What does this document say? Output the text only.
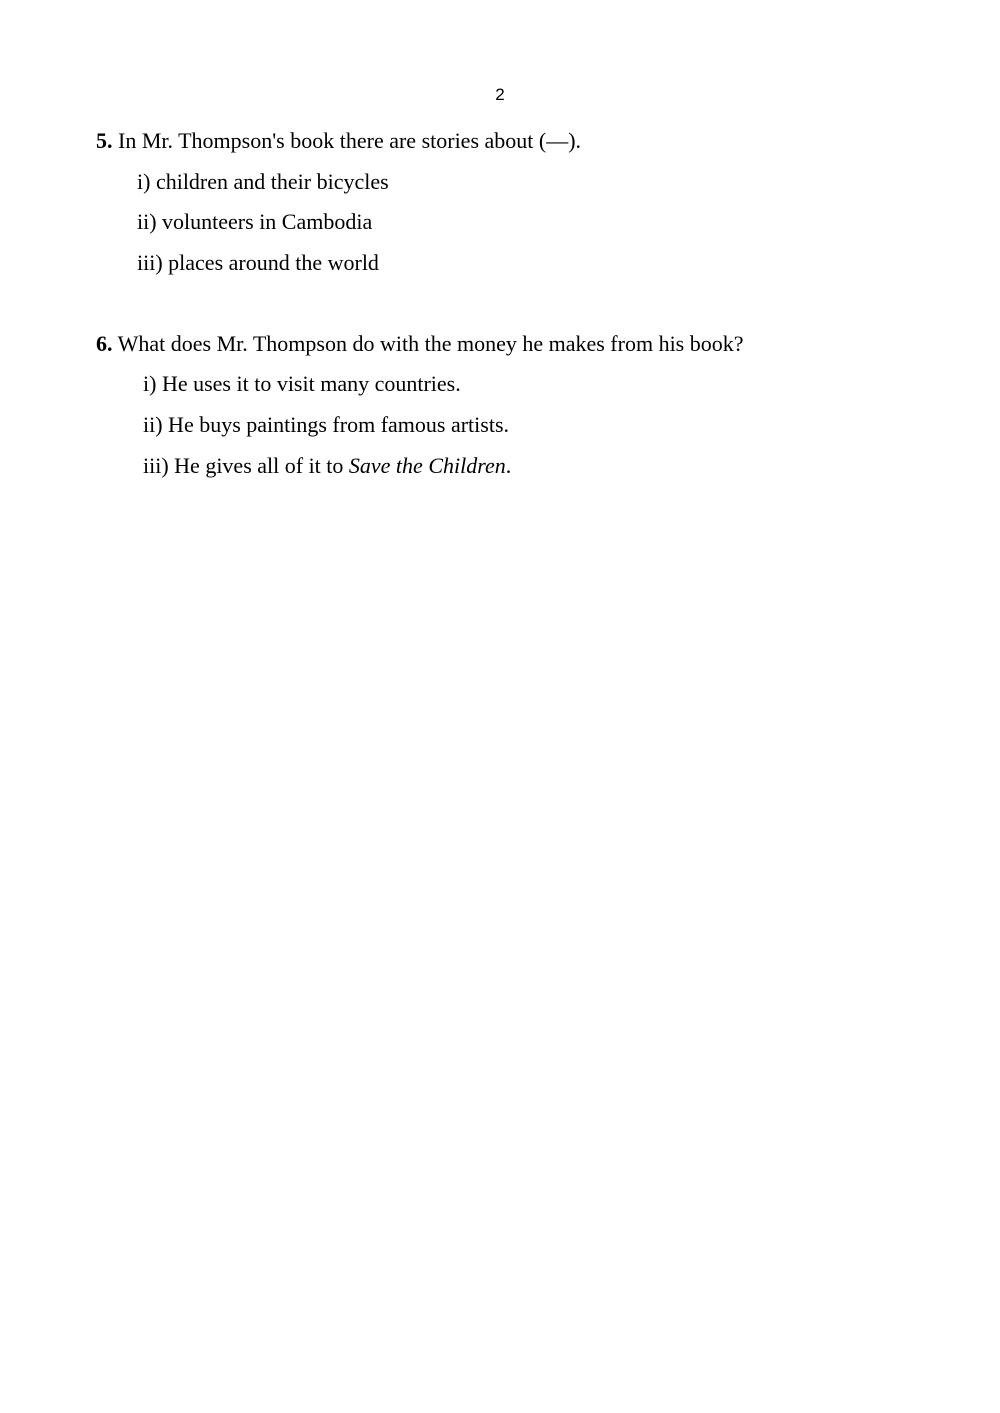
2
5. In Mr. Thompson's book there are stories about (—).
i) children and their bicycles
ii) volunteers in Cambodia
iii) places around the world
6. What does Mr. Thompson do with the money he makes from his book?
i) He uses it to visit many countries.
ii) He buys paintings from famous artists.
iii) He gives all of it to Save the Children.
